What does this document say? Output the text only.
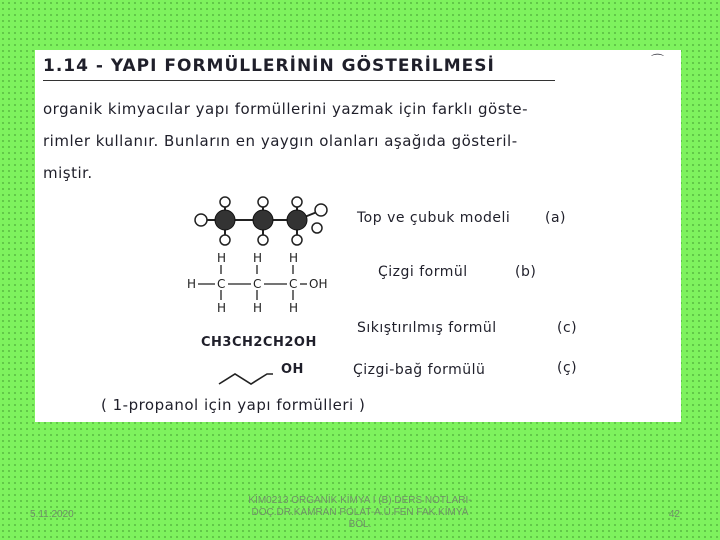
1.14 - YAPI FORMÜLLERİNİN GÖSTERİLMESİ
organik kimyacılar yapı formüllerini yazmak için farklı göste-
rimler kullanır. Bunların en yaygın olanları aşağıda gösteril-
miştir.
Top ve çubuk modeli (a)
H C C C
H H H
H H H
OH
Çizgi formül	(b)
CH3CH2CH2OH
Sıkıştırılmış formül	(c)
OH	Çizgi-bağ formülü	(ç)
( 1-propanol için yapı formülleri )
⌒
5.11.2020
KİM0213 ORGANİK KİMYA I (B) DERS NOTLARI-DOÇ.DR.KAMRAN POLAT-A.Ü.FEN FAK.KİMYA BÖL.
42
